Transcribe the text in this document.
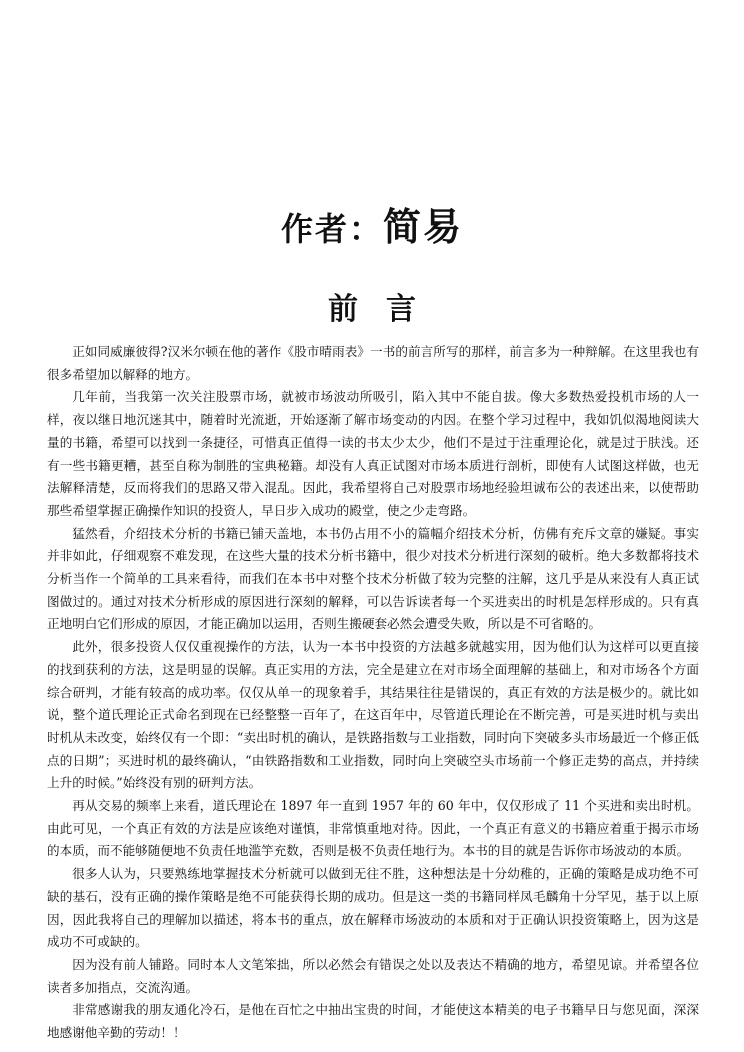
作者：简易
前言

正如同威廉彼得?汉米尔顿在他的著作《股市晴雨表》一书的前言所写的那样，前言多为一种辩解。在这里我也有很多希望加以解释的地方。

几年前，当我第一次关注股票市场，就被市场波动所吸引，陷入其中不能自拔。像大多数热爱投机市场的人一样，夜以继日地沉迷其中，随着时光流逝，开始逐渐了解市场变动的内因。在整个学习过程中，我如饥似渴地阅读大量的书籍，希望可以找到一条捷径，可惜真正值得一读的书太少太少，他们不是过于注重理论化，就是过于肤浅。还有一些书籍更糟，甚至自称为制胜的宝典秘籍。却没有人真正试图对市场本质进行剖析，即使有人试图这样做，也无法解释清楚，反而将我们的思路又带入混乱。因此，我希望将自己对股票市场地经验坦诚布公的表述出来，以使帮助那些希望掌握正确操作知识的投资人，早日步入成功的殿堂，使之少走弯路。

猛然看，介绍技术分析的书籍已铺天盖地，本书仍占用不小的篇幅介绍技术分析，仿佛有充斥文章的嫌疑。事实并非如此，仔细观察不难发现，在这些大量的技术分析书籍中，很少对技术分析进行深刻的破析。绝大多数都将技术分析当作一个简单的工具来看待，而我们在本书中对整个技术分析做了较为完整的注解，这几乎是从来没有人真正试图做过的。通过对技术分析形成的原因进行深刻的解释，可以告诉读者每一个买进卖出的时机是怎样形成的。只有真正地明白它们形成的原因，才能正确加以运用，否则生搬硬套必然会遭受失败，所以是不可省略的。

此外，很多投资人仅仅重视操作的方法，认为一本书中投资的方法越多就越实用，因为他们认为这样可以更直接的找到获利的方法，这是明显的误解。真正实用的方法，完全是建立在对市场全面理解的基础上，和对市场各个方面综合研判，才能有较高的成功率。仅仅从单一的现象着手，其结果往往是错误的，真正有效的方法是极少的。就比如说，整个道氏理论正式命名到现在已经整整一百年了，在这百年中，尽管道氏理论在不断完善，可是买进时机与卖出时机从未改变，始终仅有一个即：“卖出时机的确认，是铁路指数与工业指数，同时向下突破多头市场最近一个修正低点的日期”；买进时机的最终确认，“由铁路指数和工业指数，同时向上突破空头市场前一个修正走势的高点，并持续上升的时候。”始终没有别的研判方法。

再从交易的频率上来看，道氏理论在 1897 年一直到 1957 年的 60 年中，仅仅形成了 11 个买进和卖出时机。由此可见，一个真正有效的方法是应该绝对谨慎，非常慎重地对待。因此，一个真正有意义的书籍应着重于揭示市场的本质，而不能够随便地不负责任地滥竽充数，否则是极不负责任地行为。本书的目的就是告诉你市场波动的本质。

很多人认为，只要熟练地掌握技术分析就可以做到无往不胜，这种想法是十分幼稚的，正确的策略是成功绝不可缺的基石，没有正确的操作策略是绝不可能获得长期的成功。但是这一类的书籍同样凤毛麟角十分罕见，基于以上原因，因此我将自己的理解加以描述，将本书的重点，放在解释市场波动的本质和对于正确认识投资策略上，因为这是成功不可或缺的。

因为没有前人铺路。同时本人文笔笨拙，所以必然会有错误之处以及表达不精确的地方，希望见谅。并希望各位读者多加指点，交流沟通。

非常感谢我的朋友通化冷石，是他在百忙之中抽出宝贵的时间，才能使这本精美的电子书籍早日与您见面，深深地感谢他辛勤的劳动！！
